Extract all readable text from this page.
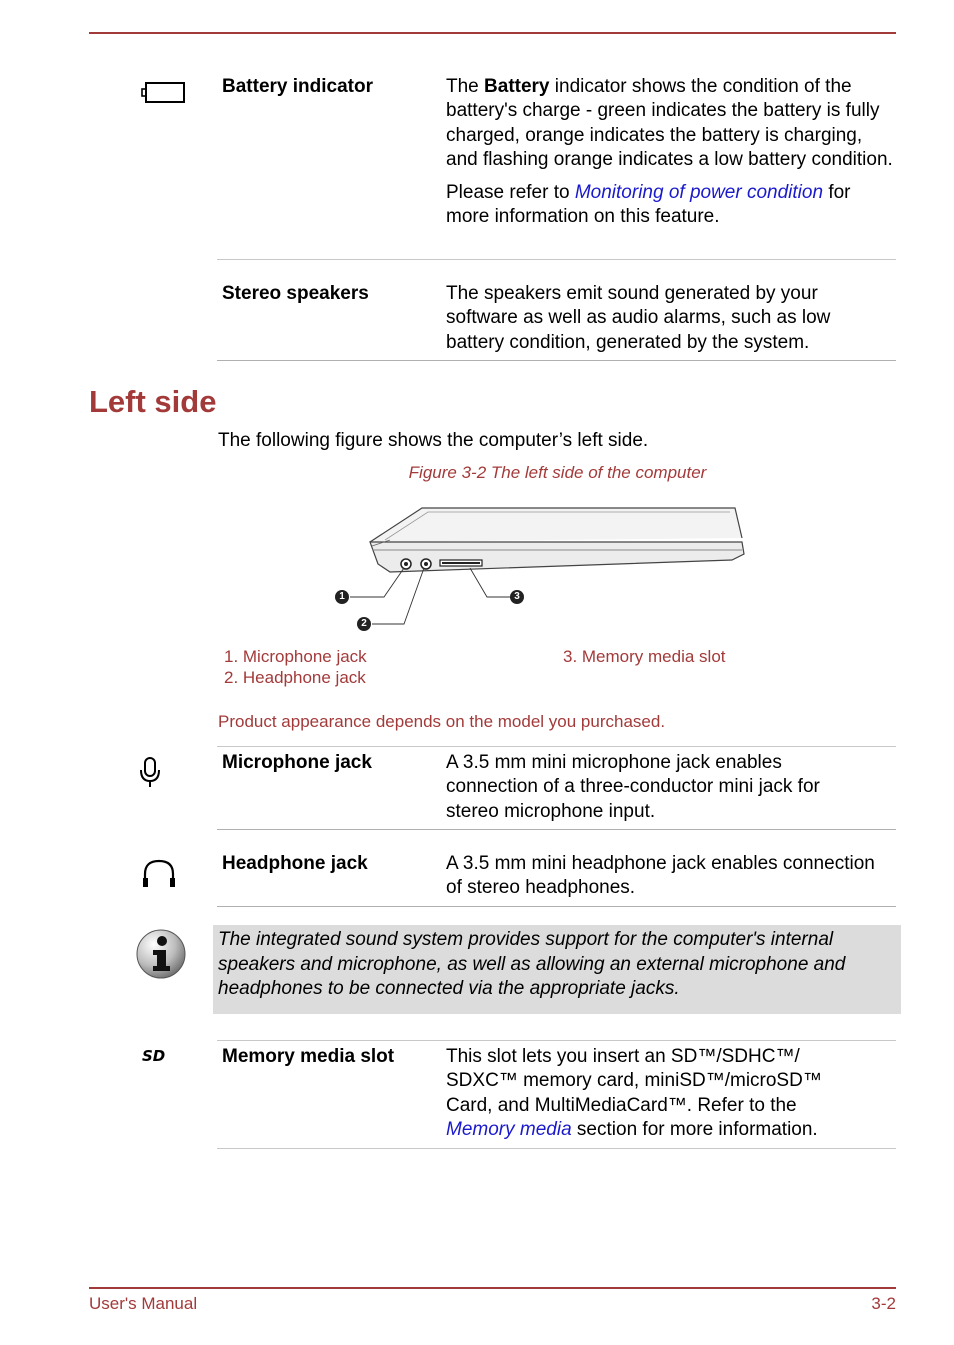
Battery indicator	The Battery indicator shows the condition of the battery's charge - green indicates the battery is fully charged, orange indicates the battery is charging, and flashing orange indicates a low battery condition.

Please refer to Monitoring of power condition for more information on this feature.

Stereo speakers	The speakers emit sound generated by your software as well as audio alarms, such as low battery condition, generated by the system.
Left side
The following figure shows the computer’s left side.
Figure 3-2 The left side of the computer
1
2
3
1. Microphone jack
2. Headphone jack
3. Memory media slot
Product appearance depends on the model you purchased.
Microphone jack	A 3.5 mm mini microphone jack enables connection of a three-conductor mini jack for stereo microphone input.
Headphone jack	A 3.5 mm mini headphone jack enables connection of stereo headphones.
The integrated sound system provides support for the computer's internal speakers and microphone, as well as allowing an external microphone and headphones to be connected via the appropriate jacks.
SD	Memory media slot	This slot lets you insert an SD™/SDHC™/ SDXC™ memory card, miniSD™/microSD™ Card, and MultiMediaCard™. Refer to the Memory media section for more information.

User's Manual	3-2
